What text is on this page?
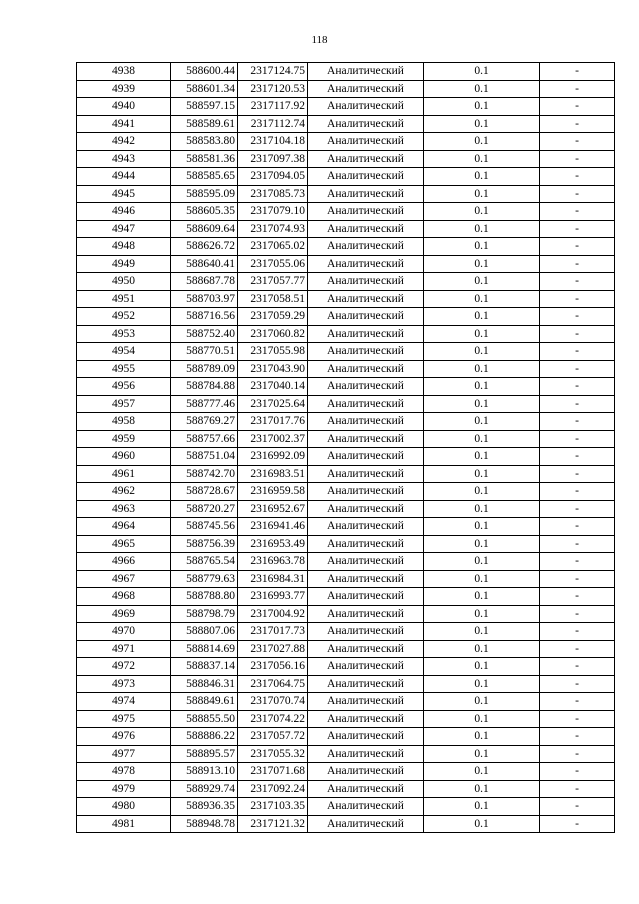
118
4938	588600.44	2317124.75	Аналитический	0.1	-
4939	588601.34	2317120.53	Аналитический	0.1	-
4940	588597.15	2317117.92	Аналитический	0.1	-
4941	588589.61	2317112.74	Аналитический	0.1	-
4942	588583.80	2317104.18	Аналитический	0.1	-
4943	588581.36	2317097.38	Аналитический	0.1	-
4944	588585.65	2317094.05	Аналитический	0.1	-
4945	588595.09	2317085.73	Аналитический	0.1	-
4946	588605.35	2317079.10	Аналитический	0.1	-
4947	588609.64	2317074.93	Аналитический	0.1	-
4948	588626.72	2317065.02	Аналитический	0.1	-
4949	588640.41	2317055.06	Аналитический	0.1	-
4950	588687.78	2317057.77	Аналитический	0.1	-
4951	588703.97	2317058.51	Аналитический	0.1	-
4952	588716.56	2317059.29	Аналитический	0.1	-
4953	588752.40	2317060.82	Аналитический	0.1	-
4954	588770.51	2317055.98	Аналитический	0.1	-
4955	588789.09	2317043.90	Аналитический	0.1	-
4956	588784.88	2317040.14	Аналитический	0.1	-
4957	588777.46	2317025.64	Аналитический	0.1	-
4958	588769.27	2317017.76	Аналитический	0.1	-
4959	588757.66	2317002.37	Аналитический	0.1	-
4960	588751.04	2316992.09	Аналитический	0.1	-
4961	588742.70	2316983.51	Аналитический	0.1	-
4962	588728.67	2316959.58	Аналитический	0.1	-
4963	588720.27	2316952.67	Аналитический	0.1	-
4964	588745.56	2316941.46	Аналитический	0.1	-
4965	588756.39	2316953.49	Аналитический	0.1	-
4966	588765.54	2316963.78	Аналитический	0.1	-
4967	588779.63	2316984.31	Аналитический	0.1	-
4968	588788.80	2316993.77	Аналитический	0.1	-
4969	588798.79	2317004.92	Аналитический	0.1	-
4970	588807.06	2317017.73	Аналитический	0.1	-
4971	588814.69	2317027.88	Аналитический	0.1	-
4972	588837.14	2317056.16	Аналитический	0.1	-
4973	588846.31	2317064.75	Аналитический	0.1	-
4974	588849.61	2317070.74	Аналитический	0.1	-
4975	588855.50	2317074.22	Аналитический	0.1	-
4976	588886.22	2317057.72	Аналитический	0.1	-
4977	588895.57	2317055.32	Аналитический	0.1	-
4978	588913.10	2317071.68	Аналитический	0.1	-
4979	588929.74	2317092.24	Аналитический	0.1	-
4980	588936.35	2317103.35	Аналитический	0.1	-
4981	588948.78	2317121.32	Аналитический	0.1	-
